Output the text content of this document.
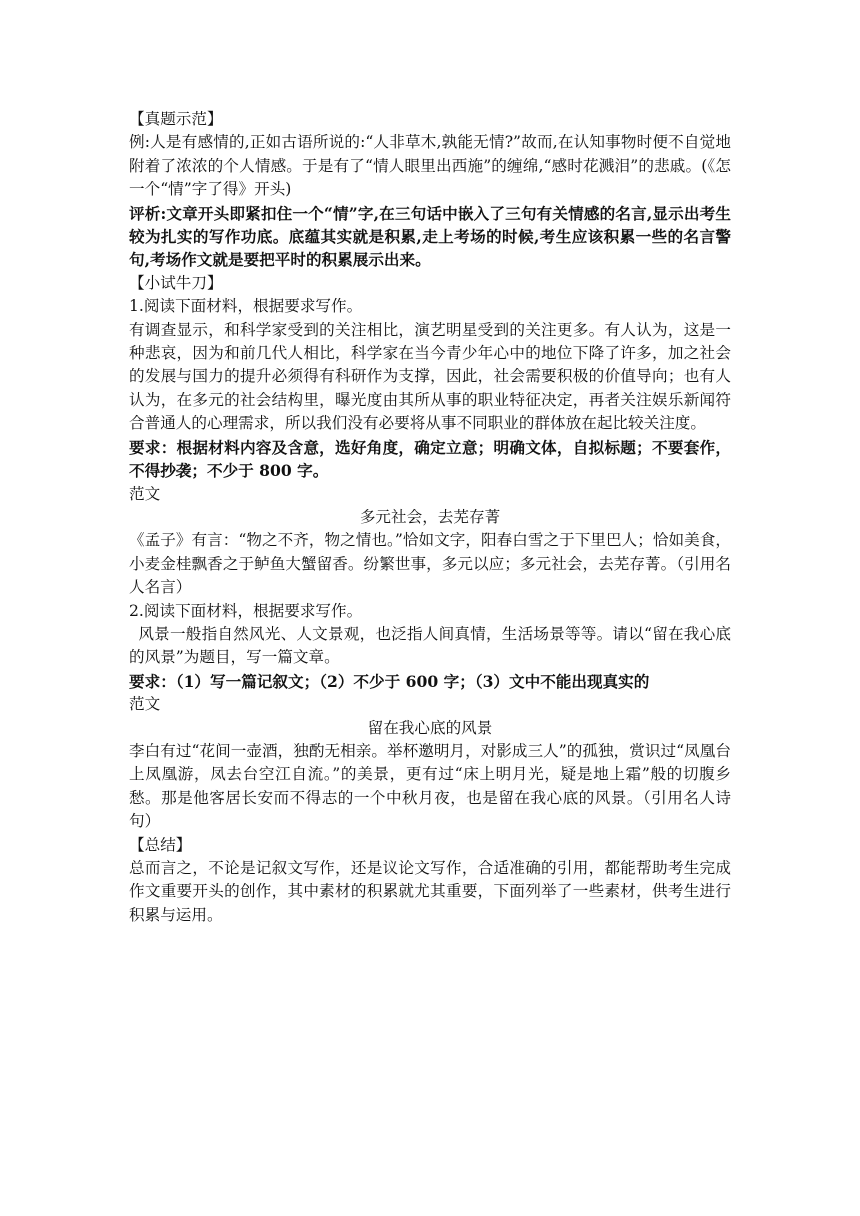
【真题示范】

例:人是有感情的,正如古语所说的:“人非草木,孰能无情?”故而,在认知事物时便不自觉地附着了浓浓的个人情感。于是有了“情人眼里出西施”的缠绵,“感时花溅泪”的悲戚。(《怎一个“情”字了得》开头)

评析:文章开头即紧扣住一个“情”字,在三句话中嵌入了三句有关情感的名言,显示出考生较为扎实的写作功底。底蕴其实就是积累,走上考场的时候,考生应该积累一些的名言警句,考场作文就是要把平时的积累展示出来。

【小试牛刀】

1.阅读下面材料，根据要求写作。

有调查显示，和科学家受到的关注相比，演艺明星受到的关注更多。有人认为，这是一种悲哀，因为和前几代人相比，科学家在当今青少年心中的地位下降了许多，加之社会的发展与国力的提升必须得有科研作为支撑，因此，社会需要积极的价值导向；也有人认为，在多元的社会结构里，曝光度由其所从事的职业特征决定，再者关注娱乐新闻符合普通人的心理需求，所以我们没有必要将从事不同职业的群体放在起比较关注度。

要求：根据材料内容及含意，选好角度，确定立意；明确文体，自拟标题；不要套作，不得抄袭；不少于 800 字。

范文

多元社会，去芜存菁

《孟子》有言：“物之不齐，物之情也。”恰如文字，阳春白雪之于下里巴人；恰如美食，小麦金桂飘香之于鲈鱼大蟹留香。纷繁世事，多元以应；多元社会，去芜存菁。（引用名人名言）

2.阅读下面材料，根据要求写作。

风景一般指自然风光、人文景观，也泛指人间真情，生活场景等等。请以“留在我心底的风景”为题目，写一篇文章。

要求：（1）写一篇记叙文；（2）不少于 600 字；（3）文中不能出现真实的

范文

留在我心底的风景

李白有过“花间一壶酒，独酌无相亲。举杯邀明月，对影成三人”的孤独，赏识过“凤凰台上凤凰游，凤去台空江自流。”的美景，更有过“床上明月光，疑是地上霜”般的切腹乡愁。那是他客居长安而不得志的一个中秋月夜，也是留在我心底的风景。（引用名人诗句）

【总结】

总而言之，不论是记叙文写作，还是议论文写作，合适准确的引用，都能帮助考生完成作文重要开头的创作，其中素材的积累就尤其重要，下面列举了一些素材，供考生进行积累与运用。
